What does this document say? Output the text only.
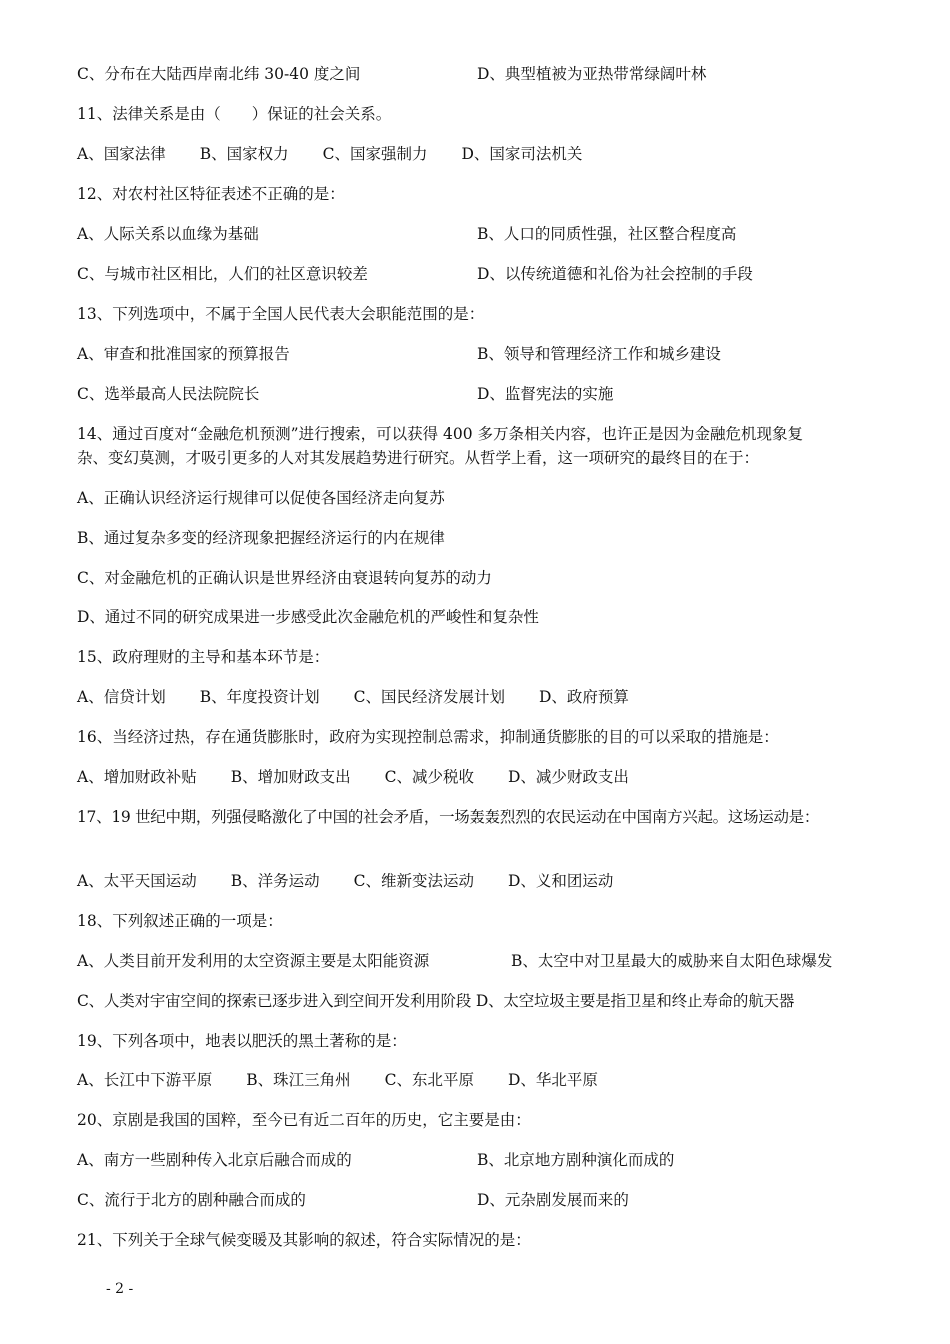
C、分布在大陆西岸南北纬 30-40 度之间	D、典型植被为亚热带常绿阔叶林
11、法律关系是由（　　）保证的社会关系。
A、国家法律 B、国家权力 C、国家强制力 D、国家司法机关
12、对农村社区特征表述不正确的是：
A、人际关系以血缘为基础	B、人口的同质性强，社区整合程度高
C、与城市社区相比，人们的社区意识较差	D、以传统道德和礼俗为社会控制的手段
13、下列选项中，不属于全国人民代表大会职能范围的是：
A、审查和批准国家的预算报告	B、领导和管理经济工作和城乡建设
C、选举最高人民法院院长	D、监督宪法的实施
14、通过百度对“金融危机预测”进行搜索，可以获得 400 多万条相关内容，也许正是因为金融危机现象复
杂、变幻莫测，才吸引更多的人对其发展趋势进行研究。从哲学上看，这一项研究的最终目的在于：
A、正确认识经济运行规律可以促使各国经济走向复苏
B、通过复杂多变的经济现象把握经济运行的内在规律
C、对金融危机的正确认识是世界经济由衰退转向复苏的动力
D、通过不同的研究成果进一步感受此次金融危机的严峻性和复杂性
15、政府理财的主导和基本环节是：
A、信贷计划 B、年度投资计划 C、国民经济发展计划 D、政府预算
16、当经济过热，存在通货膨胀时，政府为实现控制总需求，抑制通货膨胀的目的可以采取的措施是：
A、增加财政补贴 B、增加财政支出 C、减少税收 D、减少财政支出
17、19 世纪中期，列强侵略激化了中国的社会矛盾，一场轰轰烈烈的农民运动在中国南方兴起。这场运动是：
A、太平天国运动 B、洋务运动 C、维新变法运动 D、义和团运动
18、下列叙述正确的一项是：
A、人类目前开发利用的太空资源主要是太阳能资源	B、太空中对卫星最大的威胁来自太阳色球爆发
C、人类对宇宙空间的探索已逐步进入到空间开发利用阶段 D、太空垃圾主要是指卫星和终止寿命的航天器
19、下列各项中，地表以肥沃的黑土著称的是：
A、长江中下游平原 B、珠江三角州 C、东北平原 D、华北平原
20、京剧是我国的国粹，至今已有近二百年的历史，它主要是由：
A、南方一些剧种传入北京后融合而成的	B、北京地方剧种演化而成的
C、流行于北方的剧种融合而成的	D、元杂剧发展而来的
21、下列关于全球气候变暖及其影响的叙述，符合实际情况的是：
- 2 -
